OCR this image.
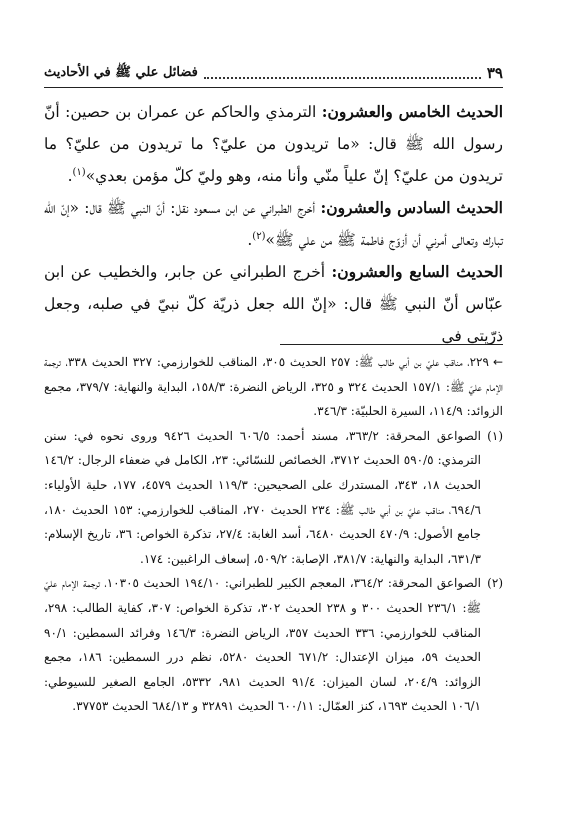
٣٩
فضائل علي ﷺ في الأحاديث

الحديث الخامس والعشرون: الترمذي والحاكم عن عمران بن حصين: أنّ رسول الله ﷺ قال: «ما تريدون من عليّ؟ ما تريدون من عليّ؟ ما تريدون من عليّ؟ إنّ علياً منّي وأنا منه، وهو وليّ كلّ مؤمن بعدي»$^{(١)}$.

الحديث السادس والعشرون: أخرج الطبراني عن ابن مسعود نقل: أنّ النبي ﷺ قال: «إنّ الله تبارك وتعالى أمرني أن أزوّج فاطمة ﷺ من علي ﷺ»$^{(٢)}$.

الحديث السابع والعشرون: أخرج الطبراني عن جابر، والخطيب عن ابن عبّاس أنّ النبي ﷺ قال: «إنّ الله جعل ذريّة كلّ نبيّ في صلبه، وجعل ذرّيتي في

←٢٢٩، مناقب عليّ بن أبي طالب ﷺ: ٢٥٧ الحديث ٣٠٥، المناقب للخوارزمي: ٣٢٧ الحديث ٣٣٨، ترجمة الإمام عليّ ﷺ: ١٥٧/١ الحديث ٣٢٤ و ٣٢٥، الرياض النضرة: ١٥٨/٣، البداية والنهاية: ٣٧٩/٧، مجمع الزوائد: ١١٤/٩، السيرة الحلبيّة: ٣٤٦/٣.

(١)
الصواعق المحرقة: ٣٦٣/٢، مسند أحمد: ٦٠٦/٥ الحديث ٩٤٢٦ وروى نحوه في: سنن الترمذي: ٥٩٠/٥ الحديث ٣٧١٢، الخصائص للنسّائي: ٢٣، الكامل في ضعفاء الرجال: ١٤٦/٢ الحديث ١٨، ٣٤٣، المستدرك على الصحيحين: ١١٩/٣ الحديث ٤٥٧٩، ١٧٧، حلية الأولياء: ٦٩٤/٦، مناقب عليّ بن أبي طالب ﷺ: ٢٣٤ الحديث ٢٧٠، المناقب للخوارزمي: ١٥٣ الحديث ١٨٠، جامع الأصول: ٤٧٠/٩ الحديث ٦٤٨٠، أسد الغابة: ٢٧/٤، تذكرة الخواص: ٣٦، تاريخ الإسلام: ٦٣١/٣، البداية والنهاية: ٣٨١/٧، الإصابة: ٥٠٩/٢، إسعاف الراغبين: ١٧٤.

(٢)
الصواعق المحرقة: ٣٦٤/٢، المعجم الكبير للطبراني: ١٩٤/١٠ الحديث ١٠٣٠٥، ترجمة الإمام عليّ ﷺ: ٢٣٦/١ الحديث ٣٠٠ و ٢٣٨ الحديث ٣٠٢، تذكرة الخواص: ٣٠٧، كفاية الطالب: ٢٩٨، المناقب للخوارزمي: ٣٣٦ الحديث ٣٥٧، الرياض النضرة: ١٤٦/٣ وفرائد السمطين: ٩٠/١ الحديث ٥٩، ميزان الإعتدال: ٦٧١/٢ الحديث ٥٢٨٠، نظم درر السمطين: ١٨٦، مجمع الزوائد: ٢٠٤/٩، لسان الميزان: ٩١/٤ الحديث ٩٨١، ٥٣٣٢، الجامع الصغير للسيوطي: ١٠٦/١ الحديث ١٦٩٣، كنز العمّال: ٦٠٠/١١ الحديث ٣٢٨٩١ و ٦٨٤/١٣ الحديث ٣٧٧٥٣.
